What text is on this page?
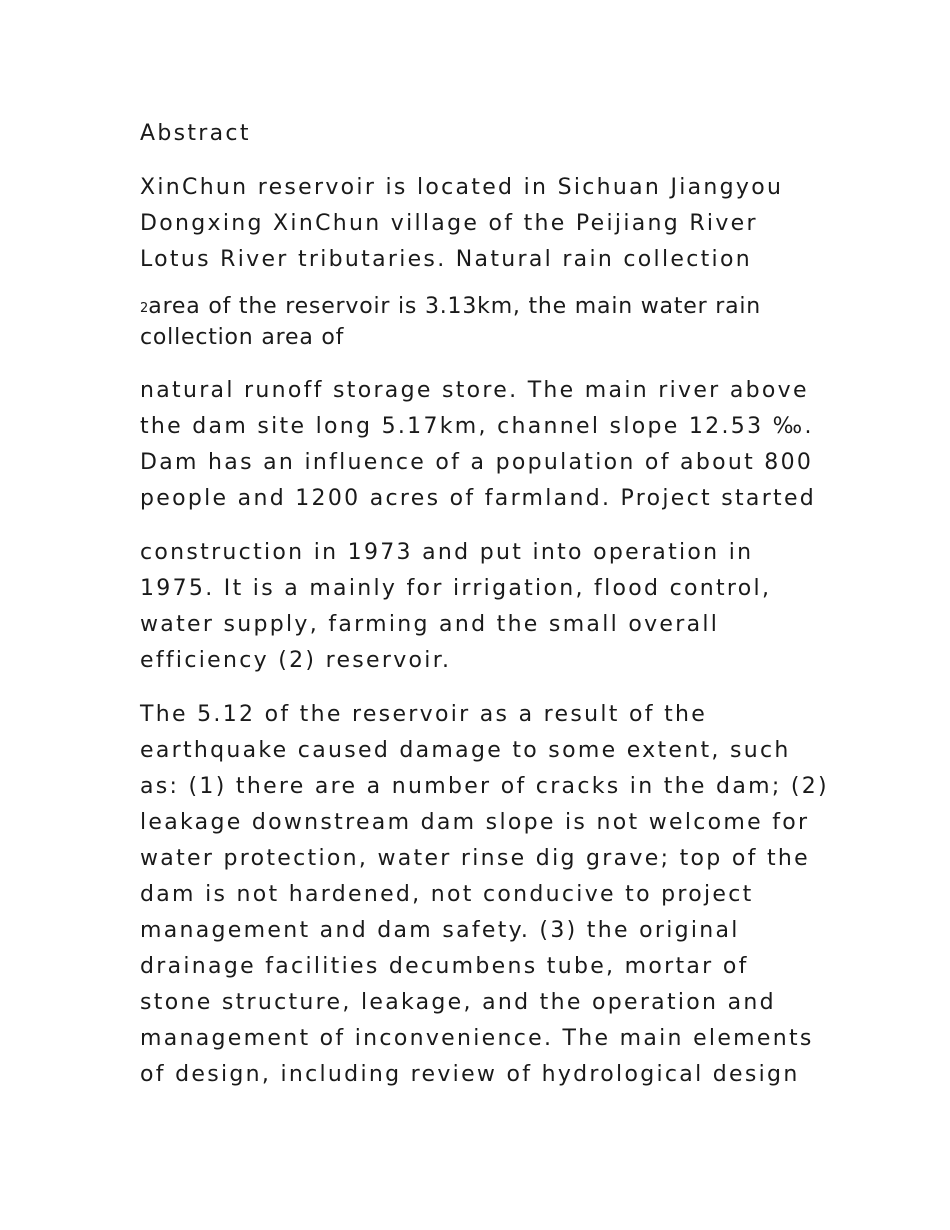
Abstract

XinChun reservoir is located in Sichuan Jiangyou
Dongxing XinChun village of the Peijiang River
Lotus River tributaries. Natural rain collection

2area of the reservoir is 3.13km, the main water rain
collection area of

natural runoff storage store. The main river above
the dam site long 5.17km, channel slope 12.53 ‰.
Dam has an influence of a population of about 800
people and 1200 acres of farmland. Project started

construction in 1973 and put into operation in
1975. It is a mainly for irrigation, flood control,
water supply, farming and the small overall
efficiency (2) reservoir.

The 5.12 of the reservoir as a result of the
earthquake caused damage to some extent, such
as: (1) there are a number of cracks in the dam; (2)
leakage downstream dam slope is not welcome for
water protection, water rinse dig grave; top of the
dam is not hardened, not conducive to project
management and dam safety. (3) the original
drainage facilities decumbens tube, mortar of
stone structure, leakage, and the operation and
management of inconvenience. The main elements
of design, including review of hydrological design
